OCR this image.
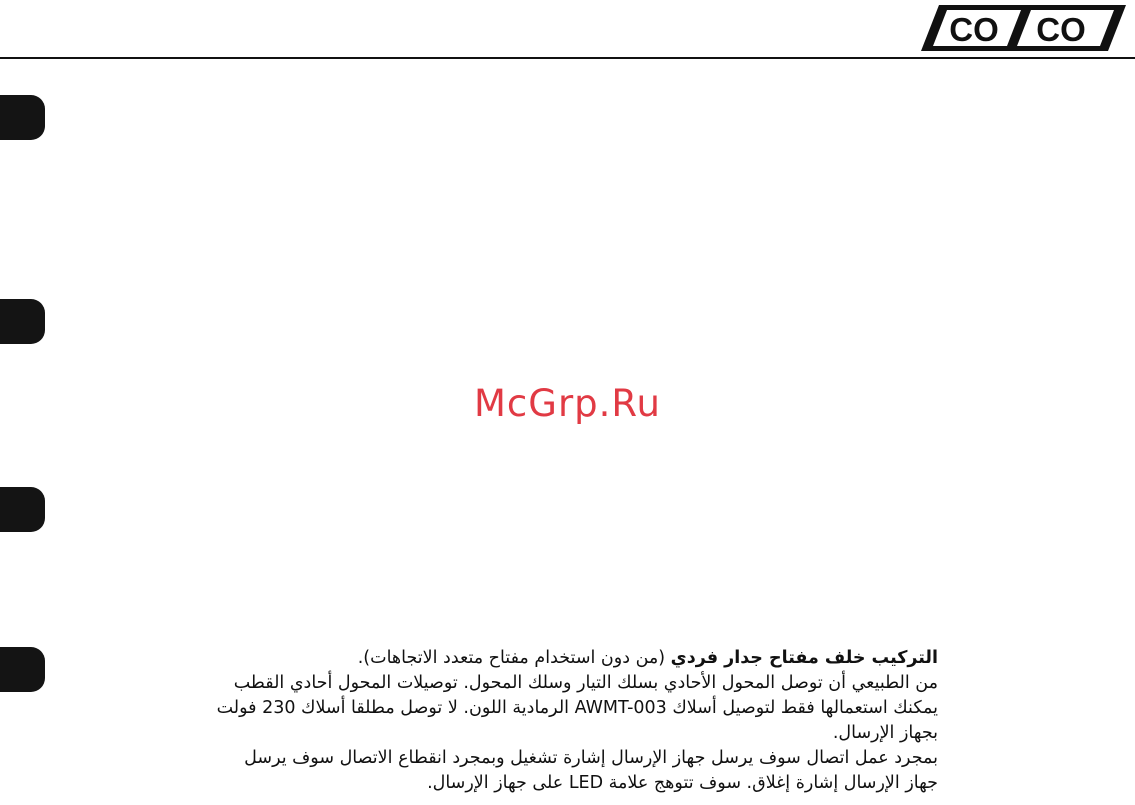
CO CO
McGrp.Ru
التركيب خلف مفتاح جدار فردي (من دون استخدام مفتاح متعدد الاتجاهات).
من الطبيعي أن توصل المحول الأحادي بسلك التيار وسلك المحول. توصيلات المحول أحادي القطب
يمكنك استعمالها فقط لتوصيل أسلاك AWMT-003 الرمادية اللون. لا توصل مطلقا أسلاك 230 فولت
بجهاز الإرسال.
بمجرد عمل اتصال سوف يرسل جهاز الإرسال إشارة تشغيل وبمجرد انقطاع الاتصال سوف يرسل
جهاز الإرسال إشارة إغلاق. سوف تتوهج علامة LED على جهاز الإرسال.
